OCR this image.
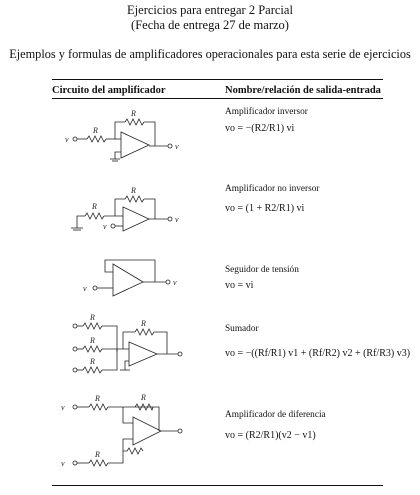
Ejercicios para entregar 2 Parcial
(Fecha de entrega 27 de marzo)
Ejemplos y formulas de amplificadores operacionales para esta serie de ejercicios
Circuito del amplificador	Nombre/relación de salida-entrada
v
R
R
v
Amplificador inversor
vo = −(R2/R1) vi
R
R
v
v
Amplificador no inversor
vo = (1 + R2/R1) vi
v
v
Seguidor de tensión
vo = vi
R
R
R
R
Sumador
vo = −((Rf/R1) v1 + (Rf/R2) v2 + (Rf/R3) v3)
R	R
R
v
v
Amplificador de diferencia
vo = (R2/R1)(v2 − v1)
